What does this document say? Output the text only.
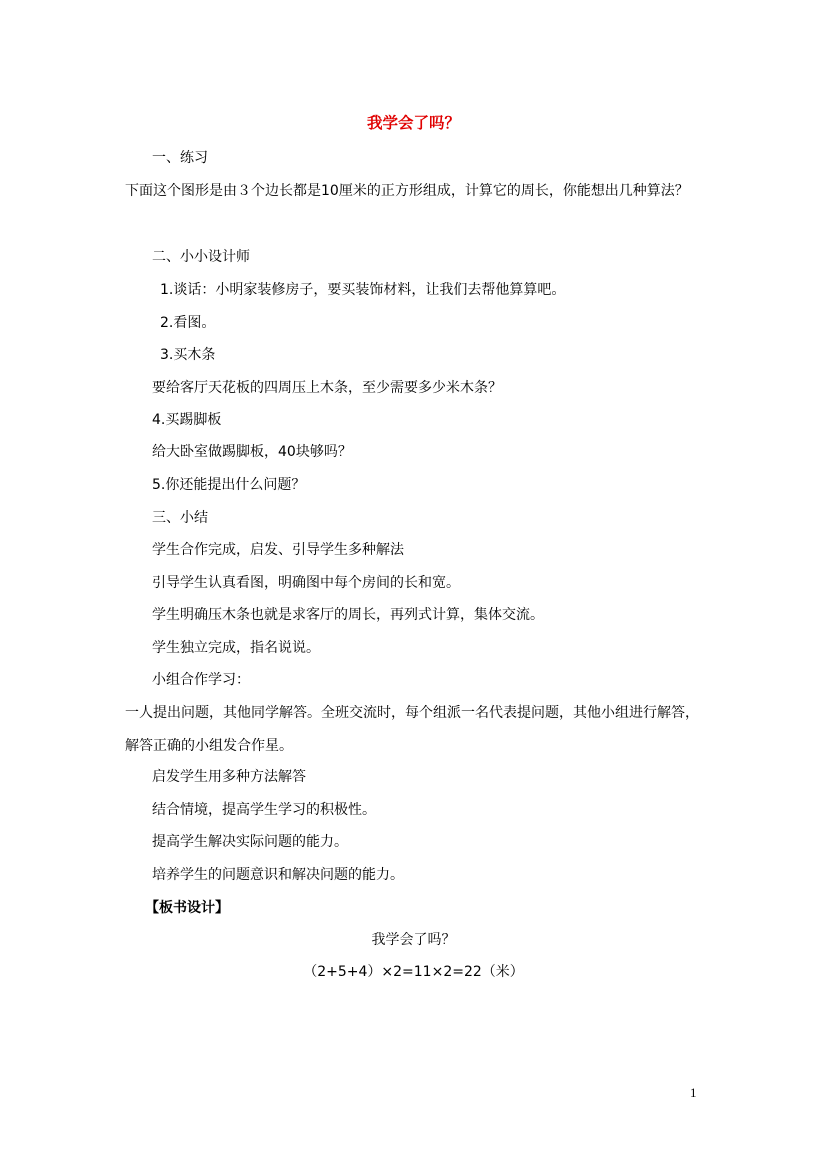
我学会了吗？
一、练习
下面这个图形是由３个边长都是10厘米的正方形组成，计算它的周长，你能想出几种算法？
二、小小设计师
1.谈话：小明家装修房子，要买装饰材料，让我们去帮他算算吧。
2.看图。
3.买木条
要给客厅天花板的四周压上木条，至少需要多少米木条？
4.买踢脚板
给大卧室做踢脚板，40块够吗？
5.你还能提出什么问题？
三、小结
学生合作完成，启发、引导学生多种解法
引导学生认真看图，明确图中每个房间的长和宽。
学生明确压木条也就是求客厅的周长，再列式计算，集体交流。
学生独立完成，指名说说。
小组合作学习：
一人提出问题，其他同学解答。全班交流时，每个组派一名代表提问题，其他小组进行解答，解答正确的小组发合作星。
启发学生用多种方法解答
结合情境，提高学生学习的积极性。
提高学生解决实际问题的能力。
培养学生的问题意识和解决问题的能力。
【板书设计】
我学会了吗？
（2+5+4）×2=11×2=22（米）
1
